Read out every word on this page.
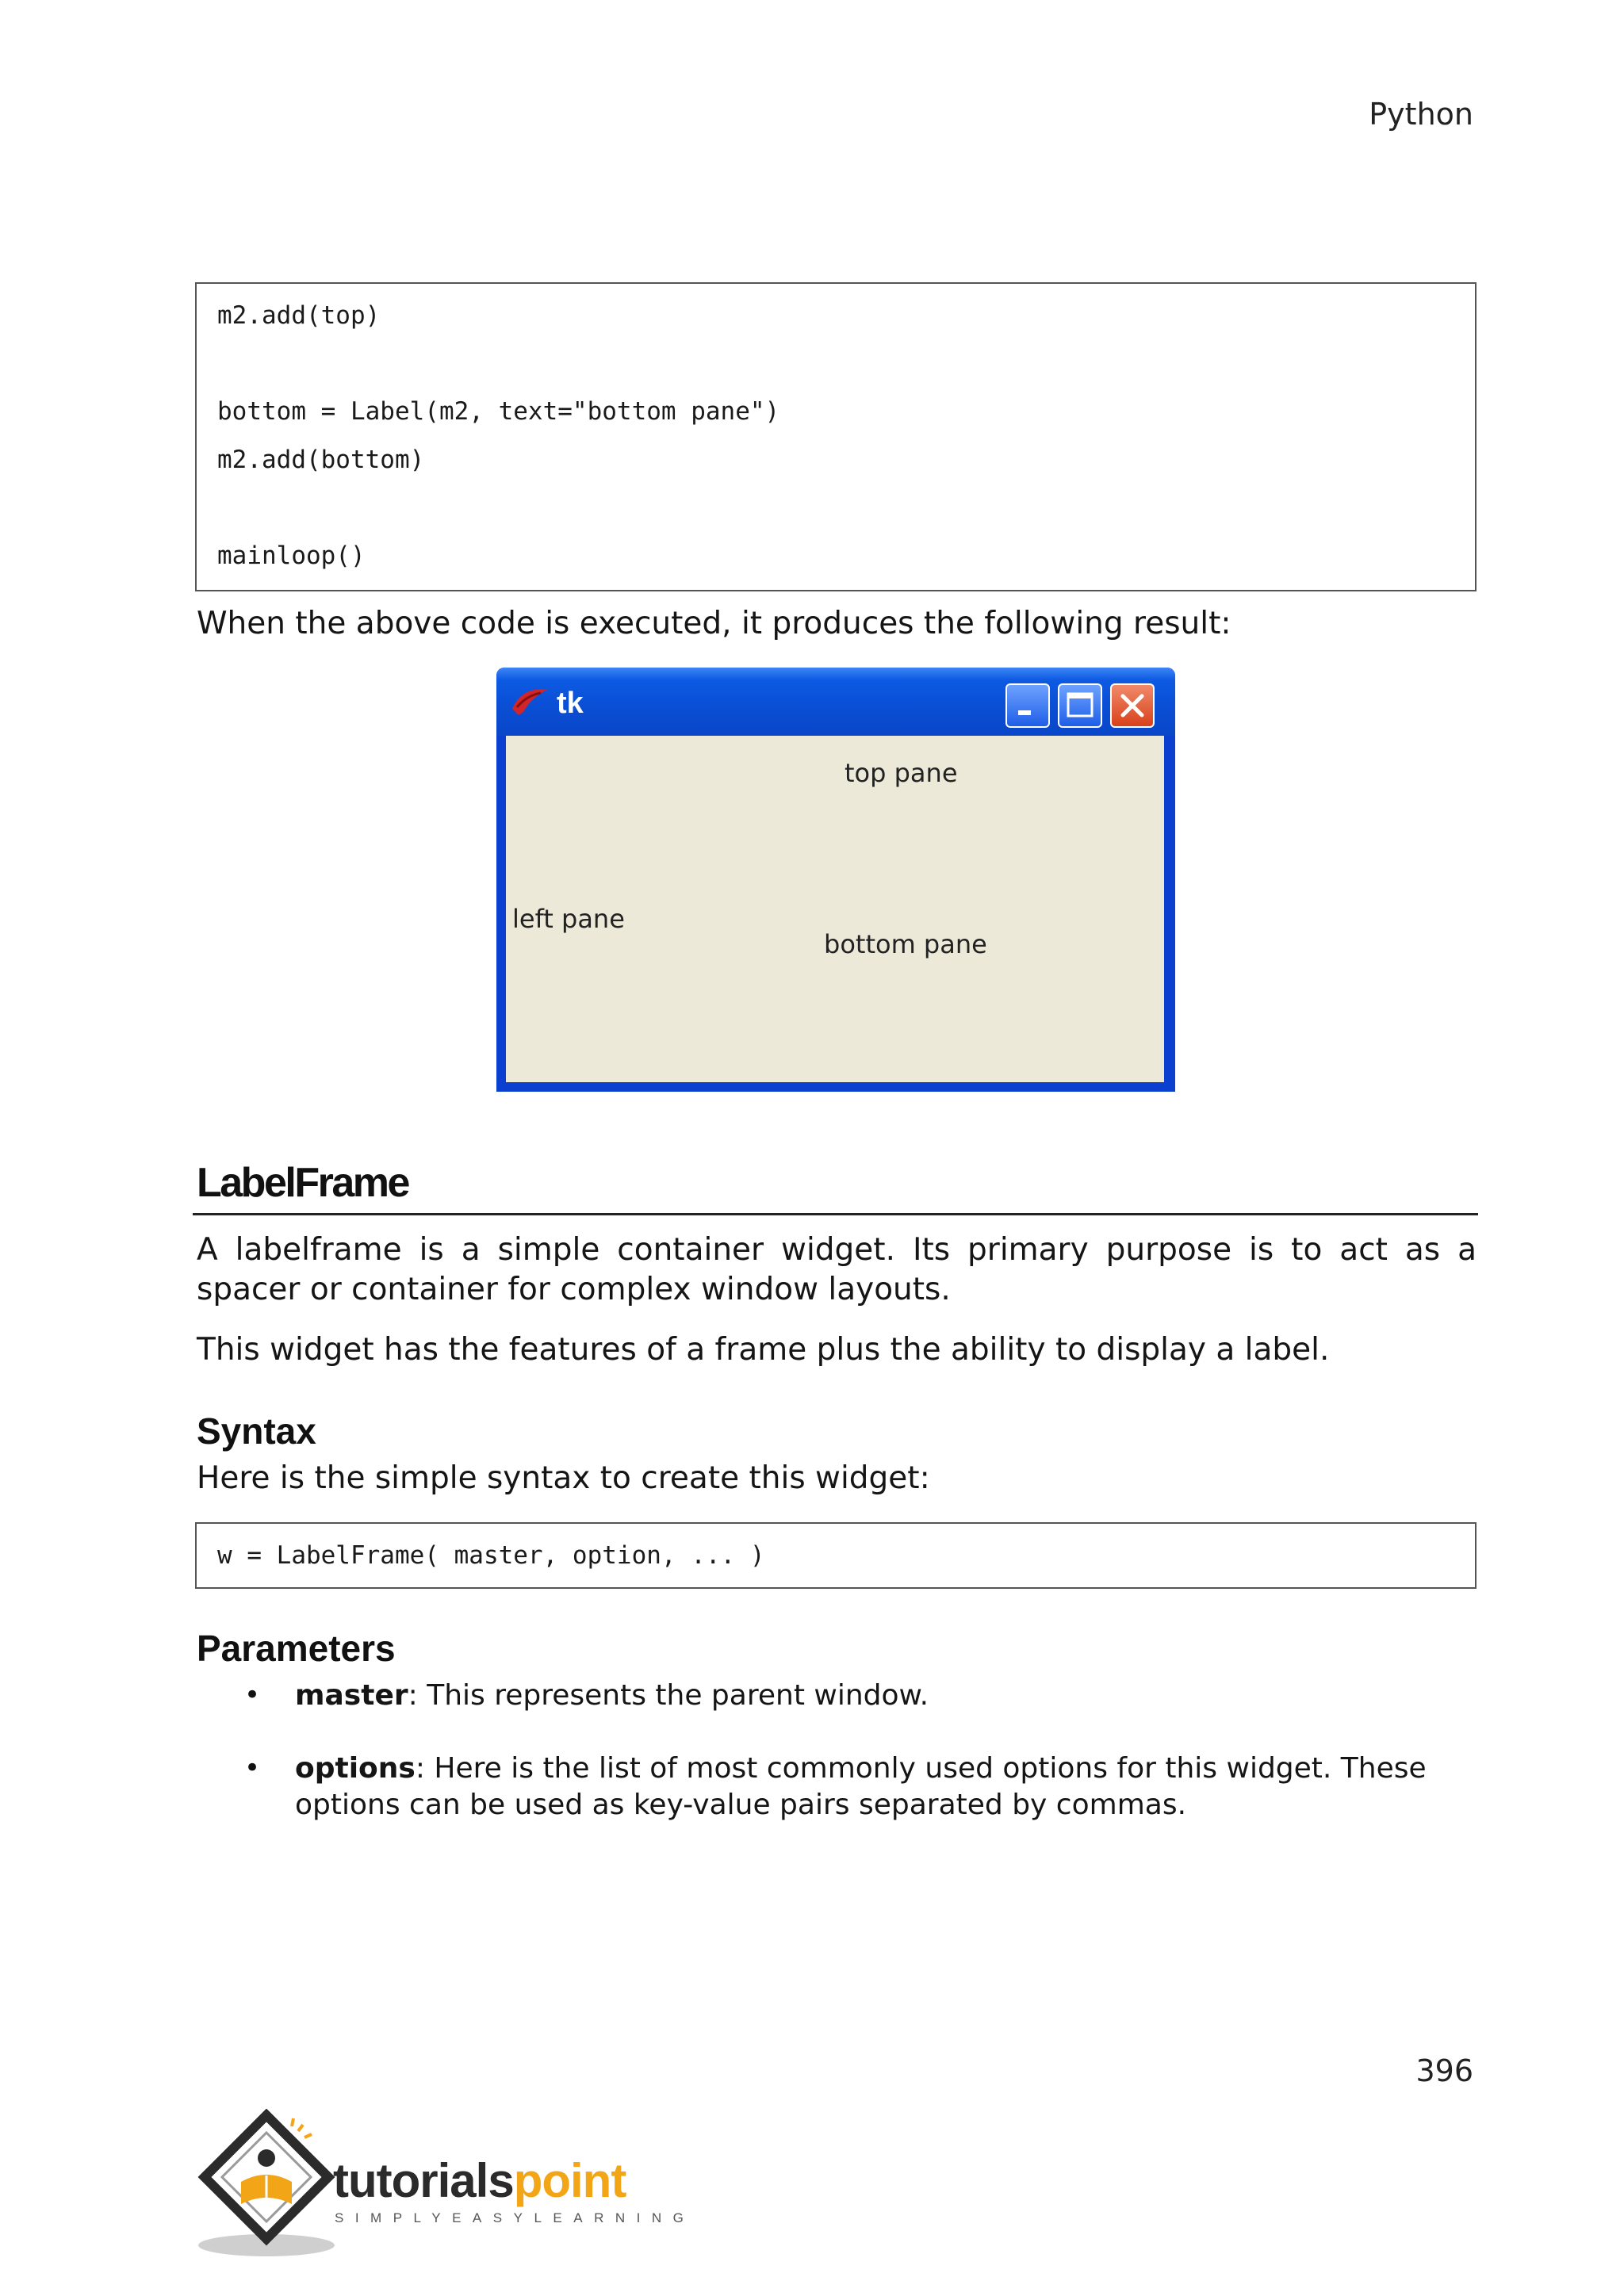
Python
m2.add(top)
bottom = Label(m2, text="bottom pane")
m2.add(bottom)
mainloop()
When the above code is executed, it produces the following result:
tk
top pane
left pane
bottom pane
LabelFrame
A labelframe is a simple container widget. Its primary purpose is to act as a spacer or container for complex window layouts.
This widget has the features of a frame plus the ability to display a label.
Syntax
Here is the simple syntax to create this widget:
w = LabelFrame( master, option, ... )
Parameters
• master: This represents the parent window.
• options: Here is the list of most commonly used options for this widget. These options can be used as key-value pairs separated by commas.
396
tutorialspoint
SIMPLYEASYLEARNING
